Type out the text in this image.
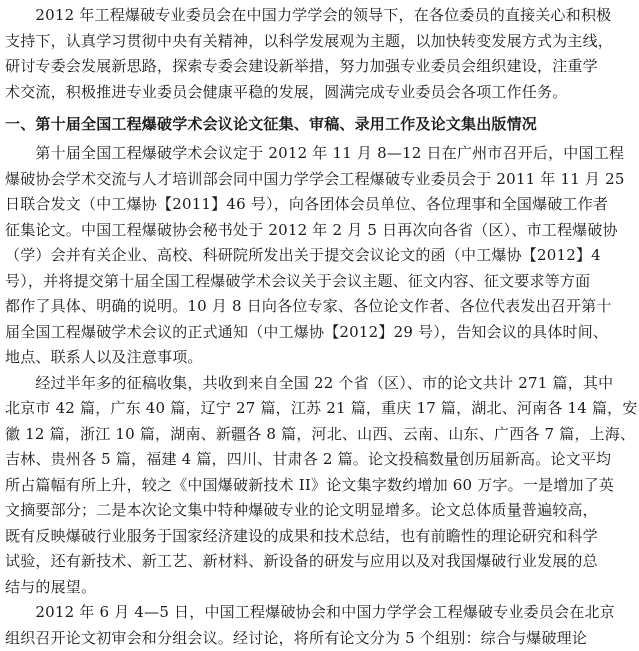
　　2012 年工程爆破专业委员会在中国力学学会的领导下，在各位委员的直接关心和积极
支持下，认真学习贯彻中央有关精神，以科学发展观为主题，以加快转变发展方式为主线，
研讨专委会发展新思路，探索专委会建设新举措，努力加强专业委员会组织建设，注重学
术交流，积极推进专业委员会健康平稳的发展，圆满完成专业委员会各项工作任务。
一、第十届全国工程爆破学术会议论文征集、审稿、录用工作及论文集出版情况
　　第十届全国工程爆破学术会议定于 2012 年 11 月 8—12 日在广州市召开后，中国工程
爆破协会学术交流与人才培训部会同中国力学学会工程爆破专业委员会于 2011 年 11 月 25
日联合发文（中工爆协【2011】46 号），向各团体会员单位、各位理事和全国爆破工作者
征集论文。中国工程爆破协会秘书处于 2012 年 2 月 5 日再次向各省（区）、市工程爆破协
（学）会并有关企业、高校、科研院所发出关于提交会议论文的函（中工爆协【2012】4
号），并将提交第十届全国工程爆破学术会议关于会议主题、征文内容、征文要求等方面
都作了具体、明确的说明。10 月 8 日向各位专家、各位论文作者、各位代表发出召开第十
届全国工程爆破学术会议的正式通知（中工爆协【2012】29 号），告知会议的具体时间、
地点、联系人以及注意事项。
　　经过半年多的征稿收集，共收到来自全国 22 个省（区）、市的论文共计 271 篇，其中
北京市 42 篇，广东 40 篇，辽宁 27 篇，江苏 21 篇，重庆 17 篇，湖北、河南各 14 篇，安
徽 12 篇，浙江 10 篇，湖南、新疆各 8 篇，河北、山西、云南、山东、广西各 7 篇，上海、
吉林、贵州各 5 篇，福建 4 篇，四川、甘肃各 2 篇。论文投稿数量创历届新高。论文平均
所占篇幅有所上升，较之《中国爆破新技术 II》论文集字数约增加 60 万字。一是增加了英
文摘要部分；二是本次论文集中特种爆破专业的论文明显增多。论文总体质量普遍较高，
既有反映爆破行业服务于国家经济建设的成果和技术总结，也有前瞻性的理论研究和科学
试验，还有新技术、新工艺、新材料、新设备的研发与应用以及对我国爆破行业发展的总
结与的展望。
　　2012 年 6 月 4—5 日，中国工程爆破协会和中国力学学会工程爆破专业委员会在北京
组织召开论文初审会和分组会议。经讨论，将所有论文分为 5 个组别：综合与爆破理论
